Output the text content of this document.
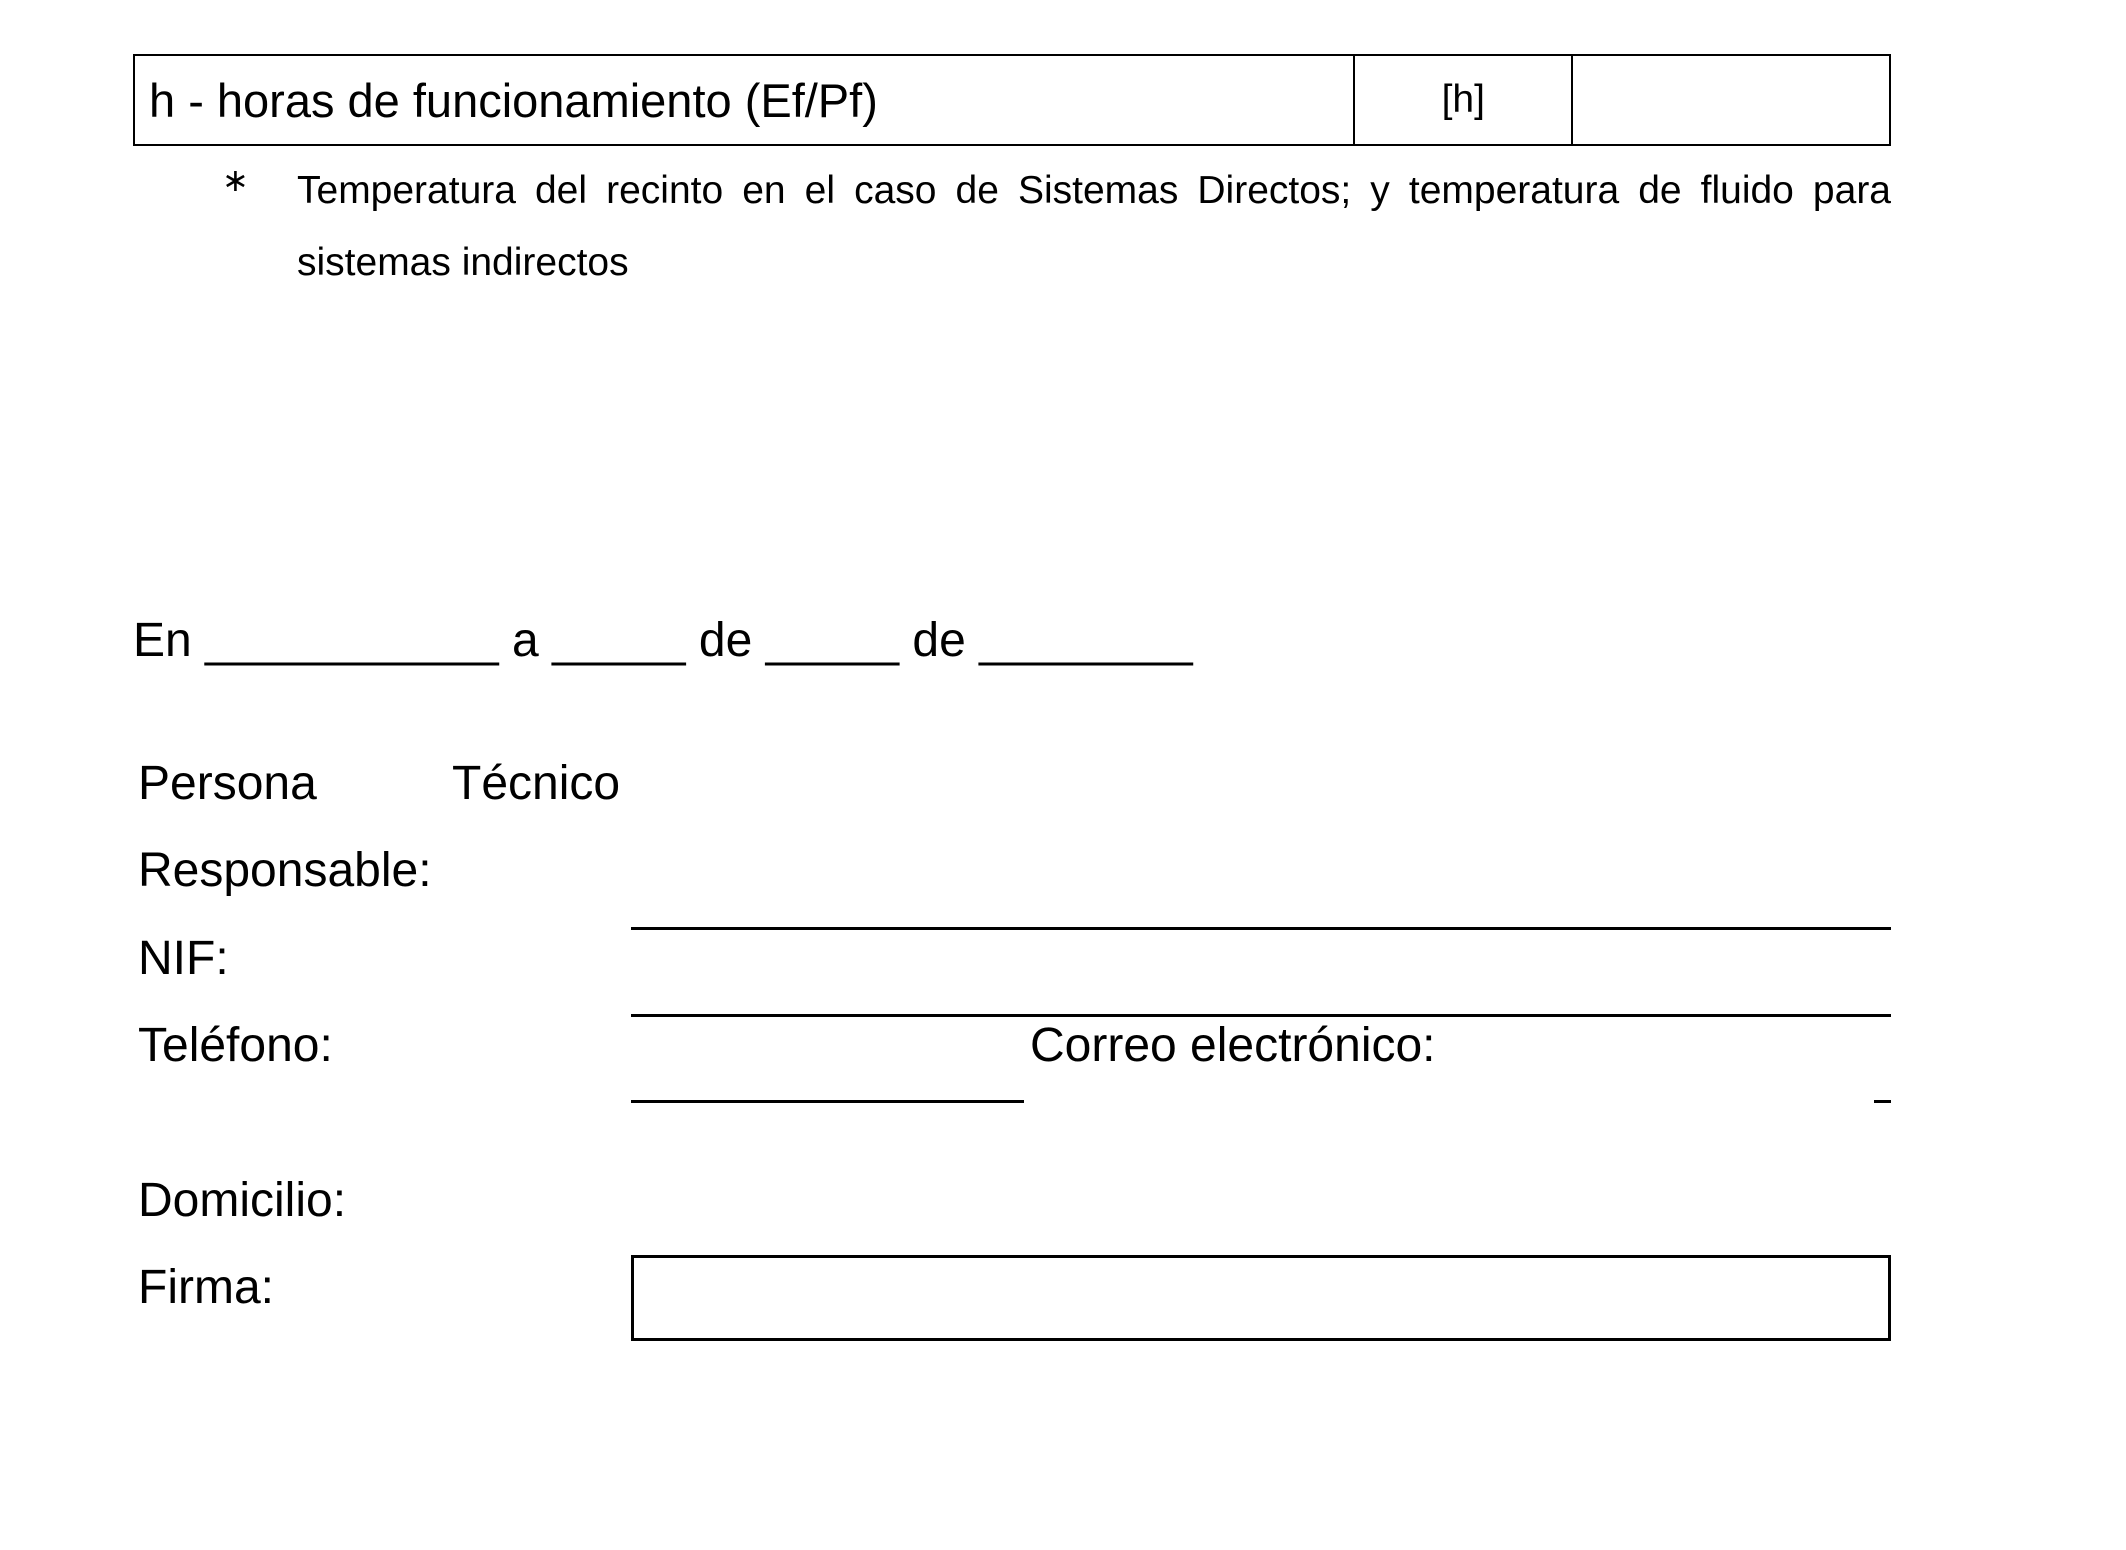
h - horas de funcionamiento (Ef/Pf)	[h]	
∗ Temperatura del recinto en el caso de Sistemas Directos; y temperatura de fluido para sistemas indirectos
En ___________ a _____ de _____ de ________
Persona	Técnico
Responsable:
NIF:
Teléfono:	Correo electrónico:
Domicilio:
Firma:
